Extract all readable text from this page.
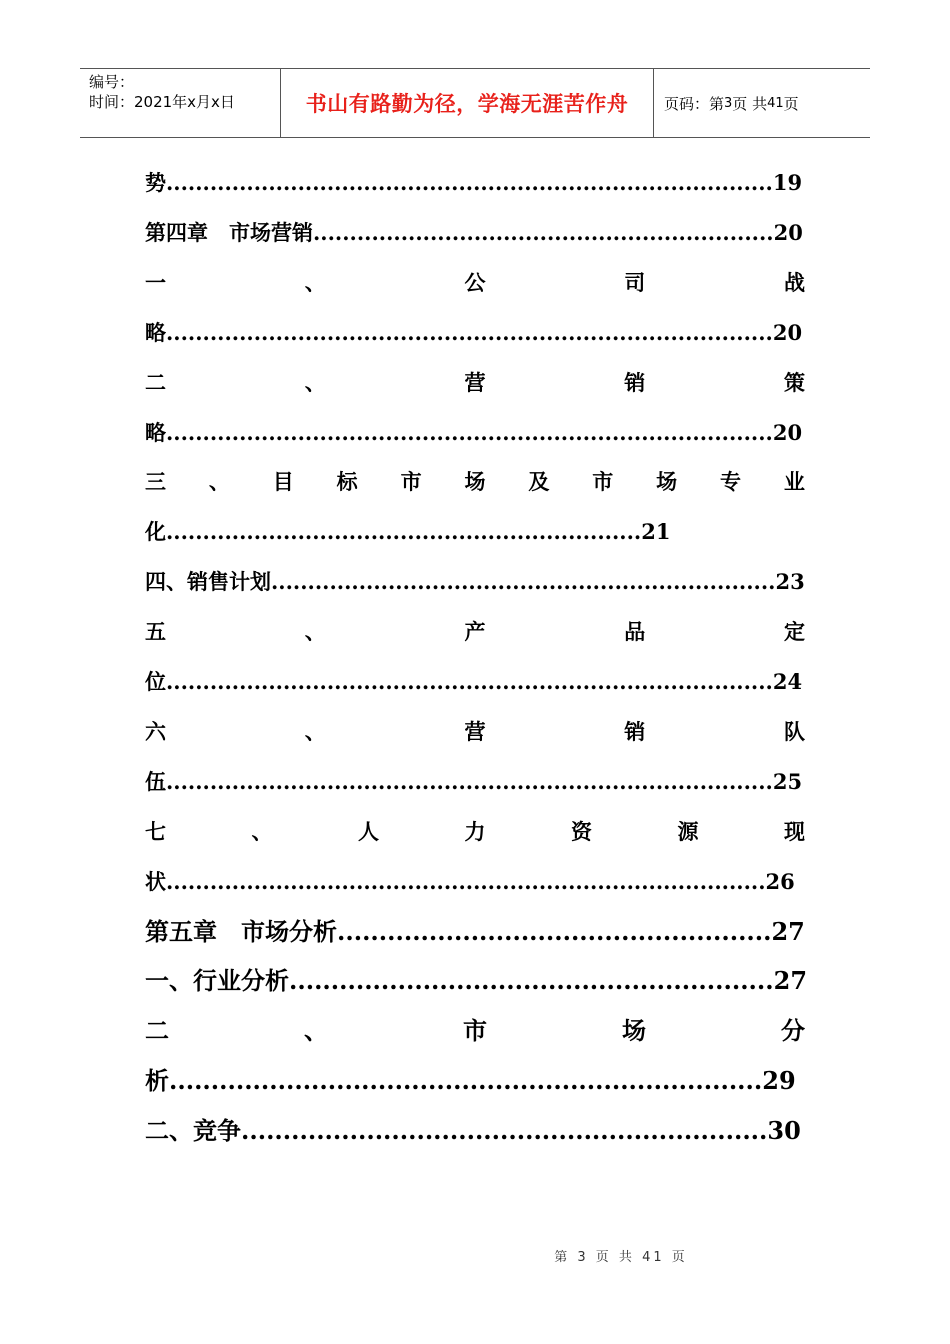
编号：
时间：2021年x月x日	书山有路勤为径，学海无涯苦作舟 页码：第 3 页 共 41 页
势...................................................................................19
第四章　市场营销...............................................................20
一	、	公	司	战
略...................................................................................20
二	、	营	销	策
略...................................................................................20
三 、 目 标 市 场 及 市 场 专 业
化.................................................................21
四、销售计划.....................................................................23
五	、	产	品	定
位...................................................................................24
六	、	营	销	队
伍...................................................................................25
七	、	人	力	资	源	现
状..................................................................................26
第五章　市场分析....................................................27
一、行业分析..........................................................27
二	、	市	场	分
析.......................................................................29
二、竞争...............................................................30
第 3 页 共 41 页
